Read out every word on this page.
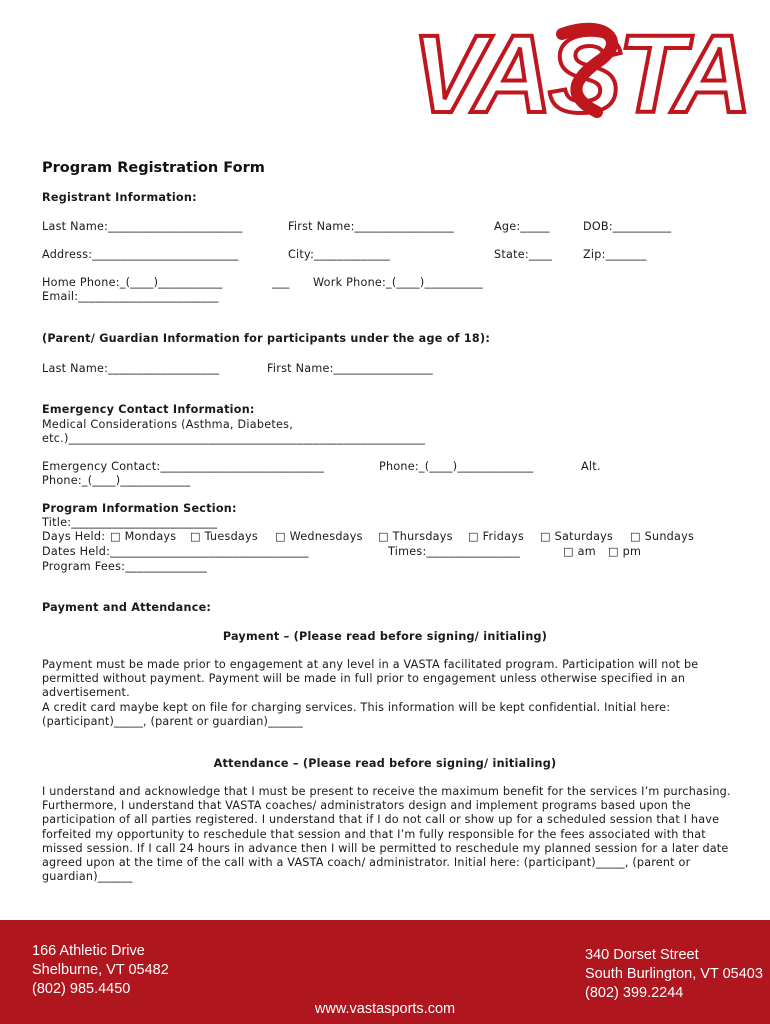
VASTA
Program Registration Form
Registrant Information:
Last Name:_______________________	First Name:_________________	Age:_____	DOB:__________
Address:_________________________	City:_____________	State:____	Zip:_______
Home Phone:_(____)___________	___ Work Phone:_(____)__________
Email:________________________
(Parent/ Guardian Information for participants under the age of 18):
Last Name:___________________	First Name:_________________
Emergency Contact Information:
Medical Considerations (Asthma, Diabetes,
etc.)_____________________________________________________________
Emergency Contact:____________________________	Phone:_(____)_____________	Alt.
Phone:_(____)____________
Program Information Section:
Title:_________________________
Days Held: □ Mondays □ Tuesdays □ Wednesdays □ Thursdays □ Fridays □ Saturdays □ Sundays
Dates Held:__________________________________	Times:________________	□ am □ pm
Program Fees:______________
Payment and Attendance:
Payment – (Please read before signing/ initialing)
Payment must be made prior to engagement at any level in a VASTA facilitated program. Participation will not be permitted without payment. Payment will be made in full prior to engagement unless otherwise specified in an advertisement.
A credit card maybe kept on file for charging services. This information will be kept confidential. Initial here: (participant)_____, (parent or guardian)______
Attendance – (Please read before signing/ initialing)
I understand and acknowledge that I must be present to receive the maximum benefit for the services I’m purchasing. Furthermore, I understand that VASTA coaches/ administrators design and implement programs based upon the participation of all parties registered. I understand that if I do not call or show up for a scheduled session that I have forfeited my opportunity to reschedule that session and that I’m fully responsible for the fees associated with that missed session. If I call 24 hours in advance then I will be permitted to reschedule my planned session for a later date agreed upon at the time of the call with a VASTA coach/ administrator. Initial here: (participant)_____, (parent or guardian)______
166 Athletic Drive
Shelburne, VT 05482
(802) 985.4450
340 Dorset Street
South Burlington, VT 05403
(802) 399.2244
www.vastasports.com
